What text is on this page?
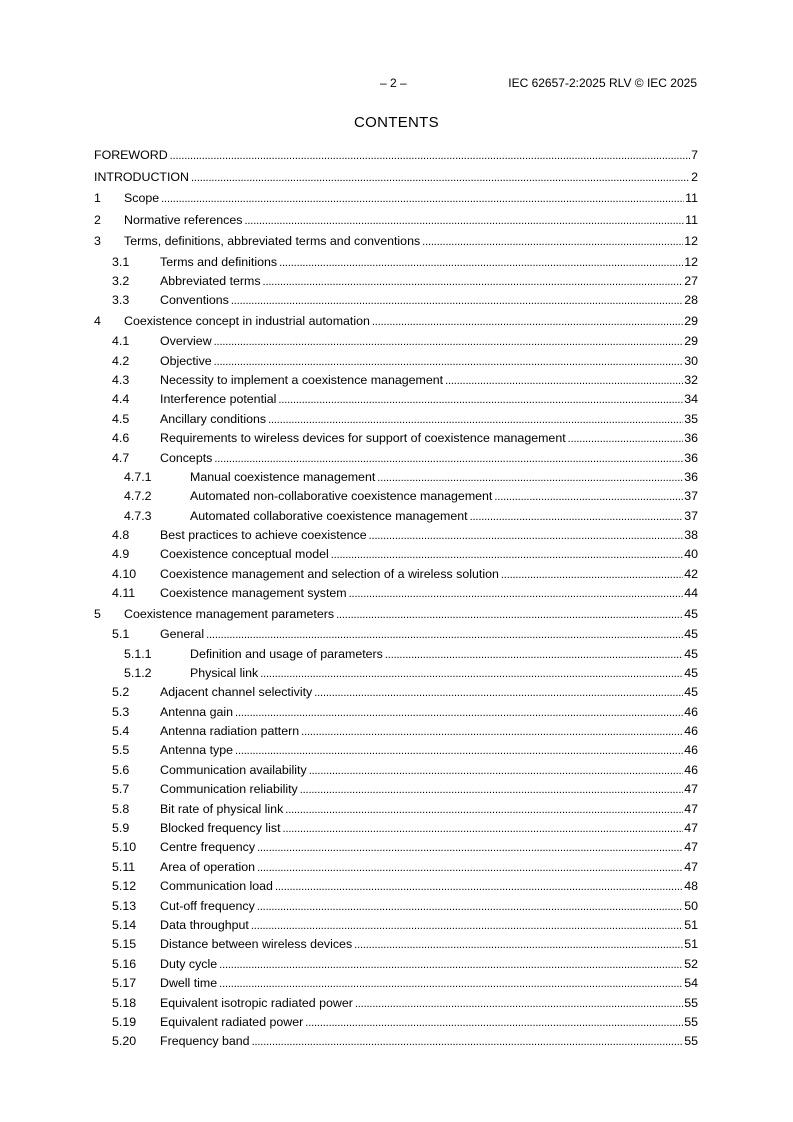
– 2 –	IEC 62657-2:2025 RLV © IEC 2025
CONTENTS
FOREWORD . . .	7
INTRODUCTION . . .	2
1	Scope . . .	11
2	Normative references . . .	11
3	Terms, definitions, abbreviated terms and conventions . . .	12
3.1	Terms and definitions . . .	12
3.2	Abbreviated terms . . .	27
3.3	Conventions . . .	28
4	Coexistence concept in industrial automation . . .	29
4.1	Overview . . .	29
4.2	Objective . . .	30
4.3	Necessity to implement a coexistence management . . .	32
4.4	Interference potential . . .	34
4.5	Ancillary conditions . . .	35
4.6	Requirements to wireless devices for support of coexistence management . . .	36
4.7	Concepts . . .	36
4.7.1	Manual coexistence management . . .	36
4.7.2	Automated non-collaborative coexistence management . . .	37
4.7.3	Automated collaborative coexistence management . . .	37
4.8	Best practices to achieve coexistence . . .	38
4.9	Coexistence conceptual model . . .	40
4.10	Coexistence management and selection of a wireless solution . . .	42
4.11	Coexistence management system . . .	44
5	Coexistence management parameters . . .	45
5.1	General . . .	45
5.1.1	Definition and usage of parameters . . .	45
5.1.2	Physical link . . .	45
5.2	Adjacent channel selectivity . . .	45
5.3	Antenna gain . . .	46
5.4	Antenna radiation pattern . . .	46
5.5	Antenna type . . .	46
5.6	Communication availability . . .	46
5.7	Communication reliability . . .	47
5.8	Bit rate of physical link . . .	47
5.9	Blocked frequency list . . .	47
5.10	Centre frequency . . .	47
5.11	Area of operation . . .	47
5.12	Communication load . . .	48
5.13	Cut-off frequency . . .	50
5.14	Data throughput . . .	51
5.15	Distance between wireless devices . . .	51
5.16	Duty cycle . . .	52
5.17	Dwell time . . .	54
5.18	Equivalent isotropic radiated power . . .	55
5.19	Equivalent radiated power . . .	55
5.20	Frequency band . . .	55
